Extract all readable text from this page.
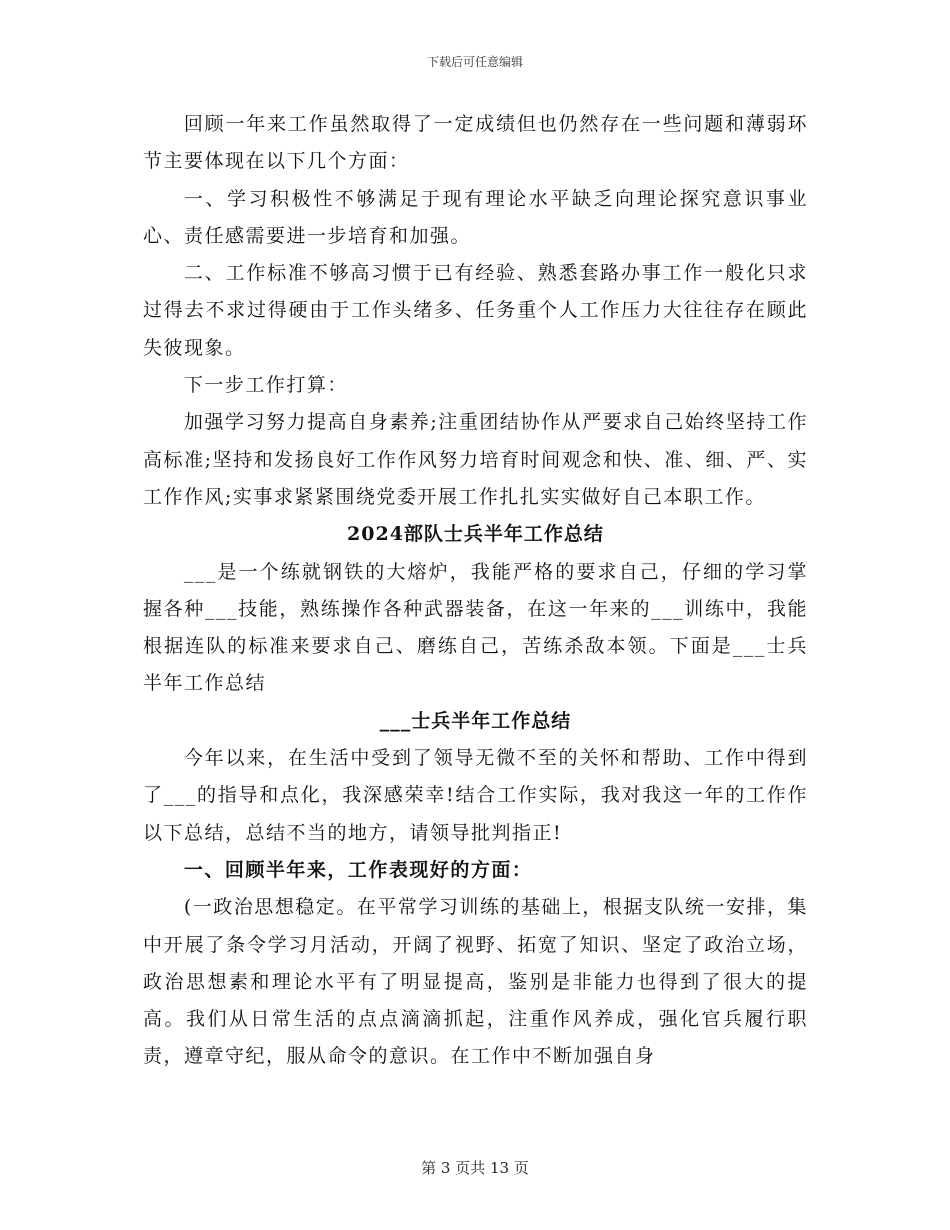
下载后可任意编辑

回顾一年来工作虽然取得了一定成绩但也仍然存在一些问题和薄弱环节主要体现在以下几个方面：

一、学习积极性不够满足于现有理论水平缺乏向理论探究意识事业心、责任感需要进一步培育和加强。

二、工作标准不够高习惯于已有经验、熟悉套路办事工作一般化只求过得去不求过得硬由于工作头绪多、任务重个人工作压力大往往存在顾此失彼现象。

下一步工作打算：

加强学习努力提高自身素养;注重团结协作从严要求自己始终坚持工作高标准;坚持和发扬良好工作作风努力培育时间观念和快、准、细、严、实工作作风;实事求紧紧围绕党委开展工作扎扎实实做好自己本职工作。

2024部队士兵半年工作总结

___是一个练就钢铁的大熔炉，我能严格的要求自己，仔细的学习掌握各种___技能，熟练操作各种武器装备，在这一年来的___训练中，我能根据连队的标准来要求自己、磨练自己，苦练杀敌本领。下面是___士兵半年工作总结

___士兵半年工作总结

今年以来，在生活中受到了领导无微不至的关怀和帮助、工作中得到了___的指导和点化，我深感荣幸!结合工作实际，我对我这一年的工作作以下总结，总结不当的地方，请领导批判指正!

一、回顾半年来，工作表现好的方面：

(一政治思想稳定。在平常学习训练的基础上，根据支队统一安排，集中开展了条令学习月活动，开阔了视野、拓宽了知识、坚定了政治立场，政治思想素和理论水平有了明显提高，鉴别是非能力也得到了很大的提高。我们从日常生活的点点滴滴抓起，注重作风养成，强化官兵履行职责，遵章守纪，服从命令的意识。在工作中不断加强自身

第 3 页共 13 页
